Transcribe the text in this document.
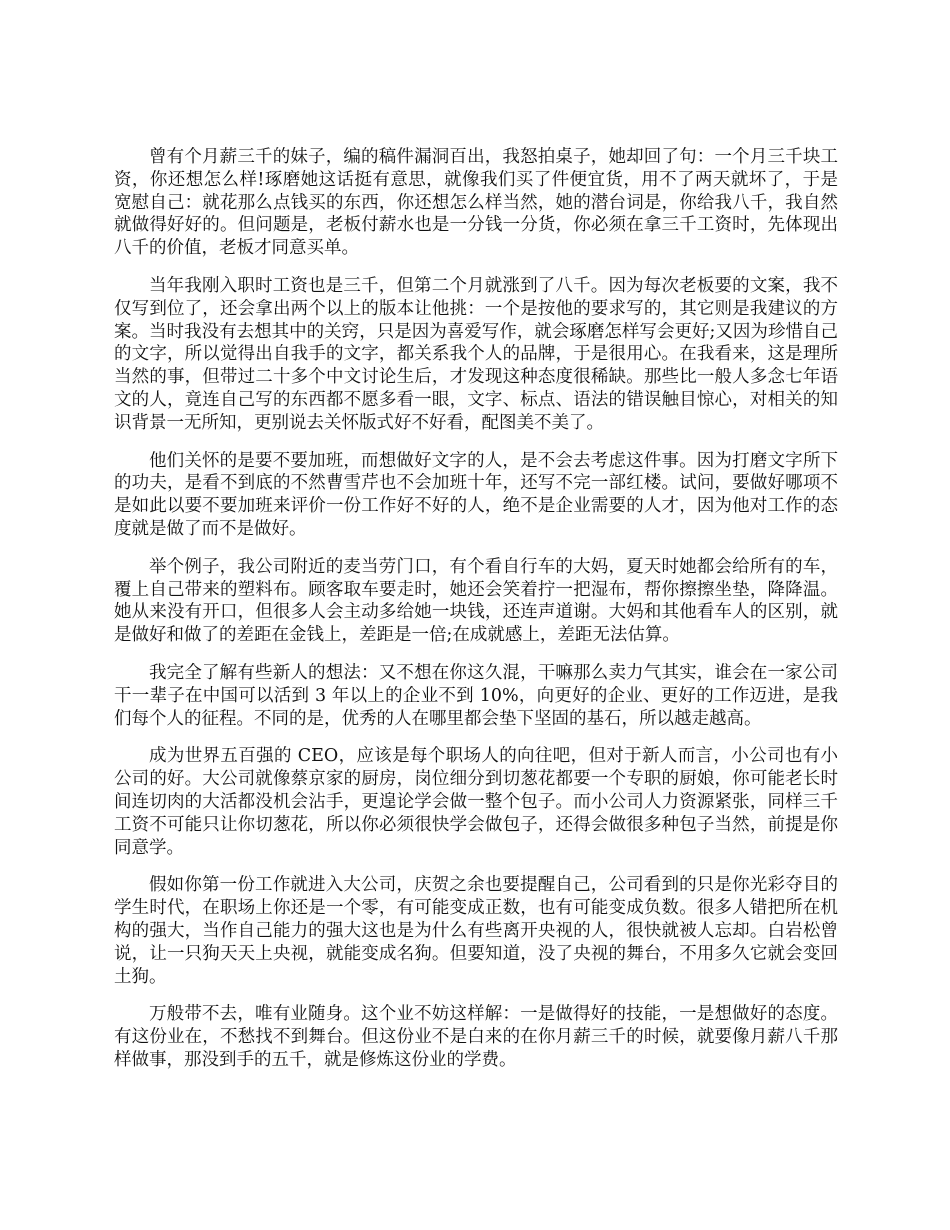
曾有个月薪三千的妹子，编的稿件漏洞百出，我怒拍桌子，她却回了句：一个月三千块工资，你还想怎么样!琢磨她这话挺有意思，就像我们买了件便宜货，用不了两天就坏了，于是宽慰自己：就花那么点钱买的东西，你还想怎么样当然，她的潜台词是，你给我八千，我自然就做得好好的。但问题是，老板付薪水也是一分钱一分货，你必须在拿三千工资时，先体现出八千的价值，老板才同意买单。

当年我刚入职时工资也是三千，但第二个月就涨到了八千。因为每次老板要的文案，我不仅写到位了，还会拿出两个以上的版本让他挑：一个是按他的要求写的，其它则是我建议的方案。当时我没有去想其中的关窍，只是因为喜爱写作，就会琢磨怎样写会更好;又因为珍惜自己的文字，所以觉得出自我手的文字，都关系我个人的品牌，于是很用心。在我看来，这是理所当然的事，但带过二十多个中文讨论生后，才发现这种态度很稀缺。那些比一般人多念七年语文的人，竟连自己写的东西都不愿多看一眼，文字、标点、语法的错误触目惊心，对相关的知识背景一无所知，更别说去关怀版式好不好看，配图美不美了。

他们关怀的是要不要加班，而想做好文字的人，是不会去考虑这件事。因为打磨文字所下的功夫，是看不到底的不然曹雪芹也不会加班十年，还写不完一部红楼。试问，要做好哪项不是如此以要不要加班来评价一份工作好不好的人，绝不是企业需要的人才，因为他对工作的态度就是做了而不是做好。

举个例子，我公司附近的麦当劳门口，有个看自行车的大妈，夏天时她都会给所有的车，覆上自己带来的塑料布。顾客取车要走时，她还会笑着拧一把湿布，帮你擦擦坐垫，降降温。她从来没有开口，但很多人会主动多给她一块钱，还连声道谢。大妈和其他看车人的区别，就是做好和做了的差距在金钱上，差距是一倍;在成就感上，差距无法估算。

我完全了解有些新人的想法：又不想在你这久混，干嘛那么卖力气其实，谁会在一家公司干一辈子在中国可以活到 3 年以上的企业不到 10%，向更好的企业、更好的工作迈进，是我们每个人的征程。不同的是，优秀的人在哪里都会垫下坚固的基石，所以越走越高。

成为世界五百强的 CEO，应该是每个职场人的向往吧，但对于新人而言，小公司也有小公司的好。大公司就像蔡京家的厨房，岗位细分到切葱花都要一个专职的厨娘，你可能老长时间连切肉的大活都没机会沾手，更遑论学会做一整个包子。而小公司人力资源紧张，同样三千工资不可能只让你切葱花，所以你必须很快学会做包子，还得会做很多种包子当然，前提是你同意学。

假如你第一份工作就进入大公司，庆贺之余也要提醒自己，公司看到的只是你光彩夺目的学生时代，在职场上你还是一个零，有可能变成正数，也有可能变成负数。很多人错把所在机构的强大，当作自己能力的强大这也是为什么有些离开央视的人，很快就被人忘却。白岩松曾说，让一只狗天天上央视，就能变成名狗。但要知道，没了央视的舞台，不用多久它就会变回土狗。

万般带不去，唯有业随身。这个业不妨这样解：一是做得好的技能，一是想做好的态度。有这份业在，不愁找不到舞台。但这份业不是白来的在你月薪三千的时候，就要像月薪八千那样做事，那没到手的五千，就是修炼这份业的学费。
